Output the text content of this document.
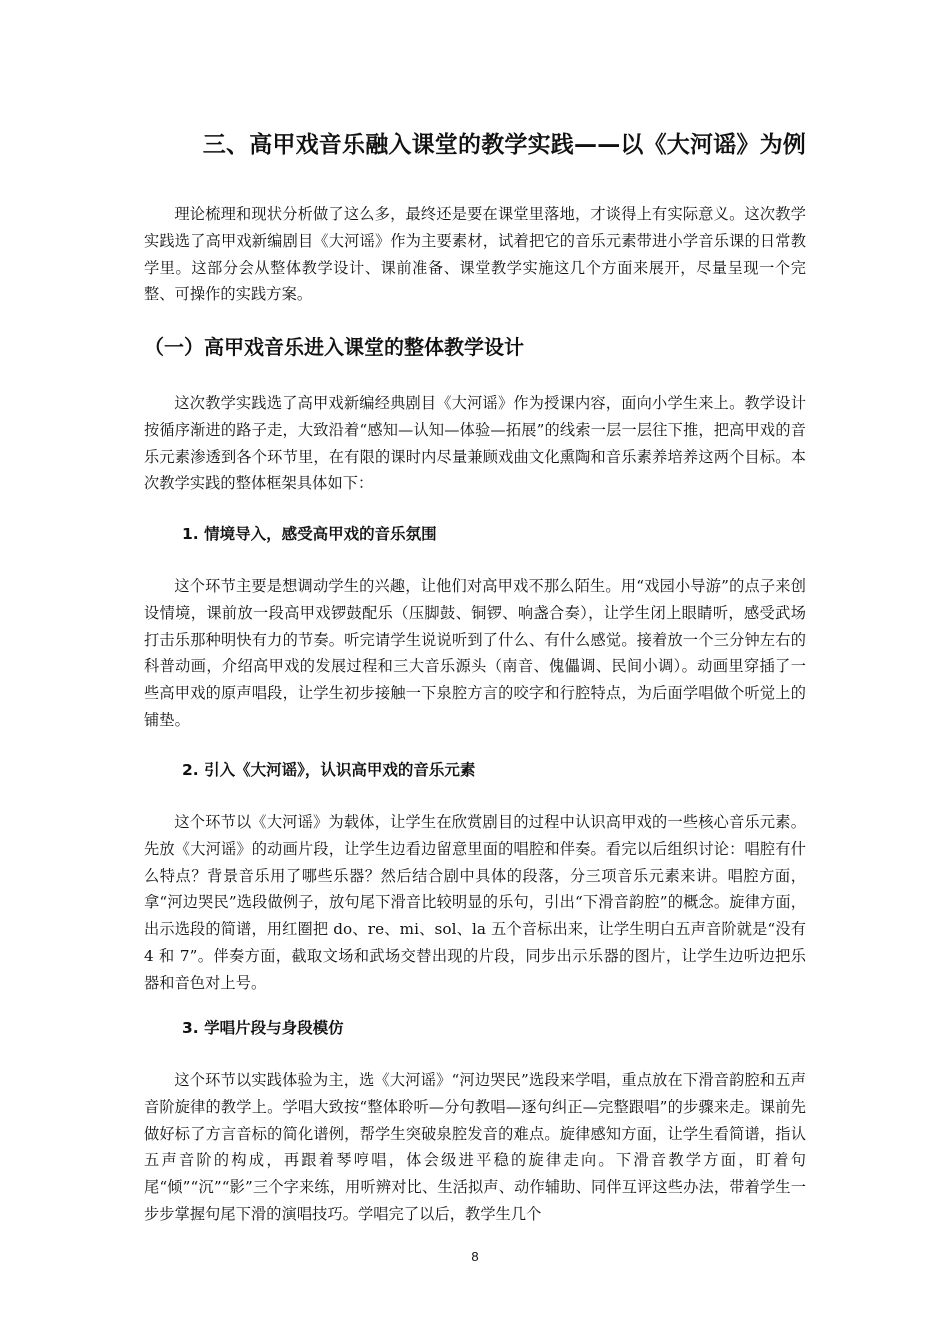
三、高甲戏音乐融入课堂的教学实践——以《大河谣》为例

理论梳理和现状分析做了这么多，最终还是要在课堂里落地，才谈得上有实际意义。这次教学实践选了高甲戏新编剧目《大河谣》作为主要素材，试着把它的音乐元素带进小学音乐课的日常教学里。这部分会从整体教学设计、课前准备、课堂教学实施这几个方面来展开，尽量呈现一个完整、可操作的实践方案。

（一）高甲戏音乐进入课堂的整体教学设计

这次教学实践选了高甲戏新编经典剧目《大河谣》作为授课内容，面向小学生来上。教学设计按循序渐进的路子走，大致沿着“感知—认知—体验—拓展”的线索一层一层往下推，把高甲戏的音乐元素渗透到各个环节里，在有限的课时内尽量兼顾戏曲文化熏陶和音乐素养培养这两个目标。本次教学实践的整体框架具体如下：

1. 情境导入，感受高甲戏的音乐氛围

这个环节主要是想调动学生的兴趣，让他们对高甲戏不那么陌生。用“戏园小导游”的点子来创设情境，课前放一段高甲戏锣鼓配乐（压脚鼓、铜锣、响盏合奏），让学生闭上眼睛听，感受武场打击乐那种明快有力的节奏。听完请学生说说听到了什么、有什么感觉。接着放一个三分钟左右的科普动画，介绍高甲戏的发展过程和三大音乐源头（南音、傀儡调、民间小调）。动画里穿插了一些高甲戏的原声唱段，让学生初步接触一下泉腔方言的咬字和行腔特点，为后面学唱做个听觉上的铺垫。

2. 引入《大河谣》，认识高甲戏的音乐元素

这个环节以《大河谣》为载体，让学生在欣赏剧目的过程中认识高甲戏的一些核心音乐元素。先放《大河谣》的动画片段，让学生边看边留意里面的唱腔和伴奏。看完以后组织讨论：唱腔有什么特点？背景音乐用了哪些乐器？然后结合剧中具体的段落，分三项音乐元素来讲。唱腔方面，拿“河边哭民”选段做例子，放句尾下滑音比较明显的乐句，引出“下滑音韵腔”的概念。旋律方面，出示选段的简谱，用红圈把 do、re、mi、sol、la 五个音标出来，让学生明白五声音阶就是“没有 4 和 7”。伴奏方面，截取文场和武场交替出现的片段，同步出示乐器的图片，让学生边听边把乐器和音色对上号。

3. 学唱片段与身段模仿

这个环节以实践体验为主，选《大河谣》“河边哭民”选段来学唱，重点放在下滑音韵腔和五声音阶旋律的教学上。学唱大致按“整体聆听—分句教唱—逐句纠正—完整跟唱”的步骤来走。课前先做好标了方言音标的简化谱例，帮学生突破泉腔发音的难点。旋律感知方面，让学生看简谱，指认五声音阶的构成，再跟着琴哼唱，体会级进平稳的旋律走向。下滑音教学方面，盯着句尾“倾”“沉”“影”三个字来练，用听辨对比、生活拟声、动作辅助、同伴互评这些办法，带着学生一步步掌握句尾下滑的演唱技巧。学唱完了以后，教学生几个

8
